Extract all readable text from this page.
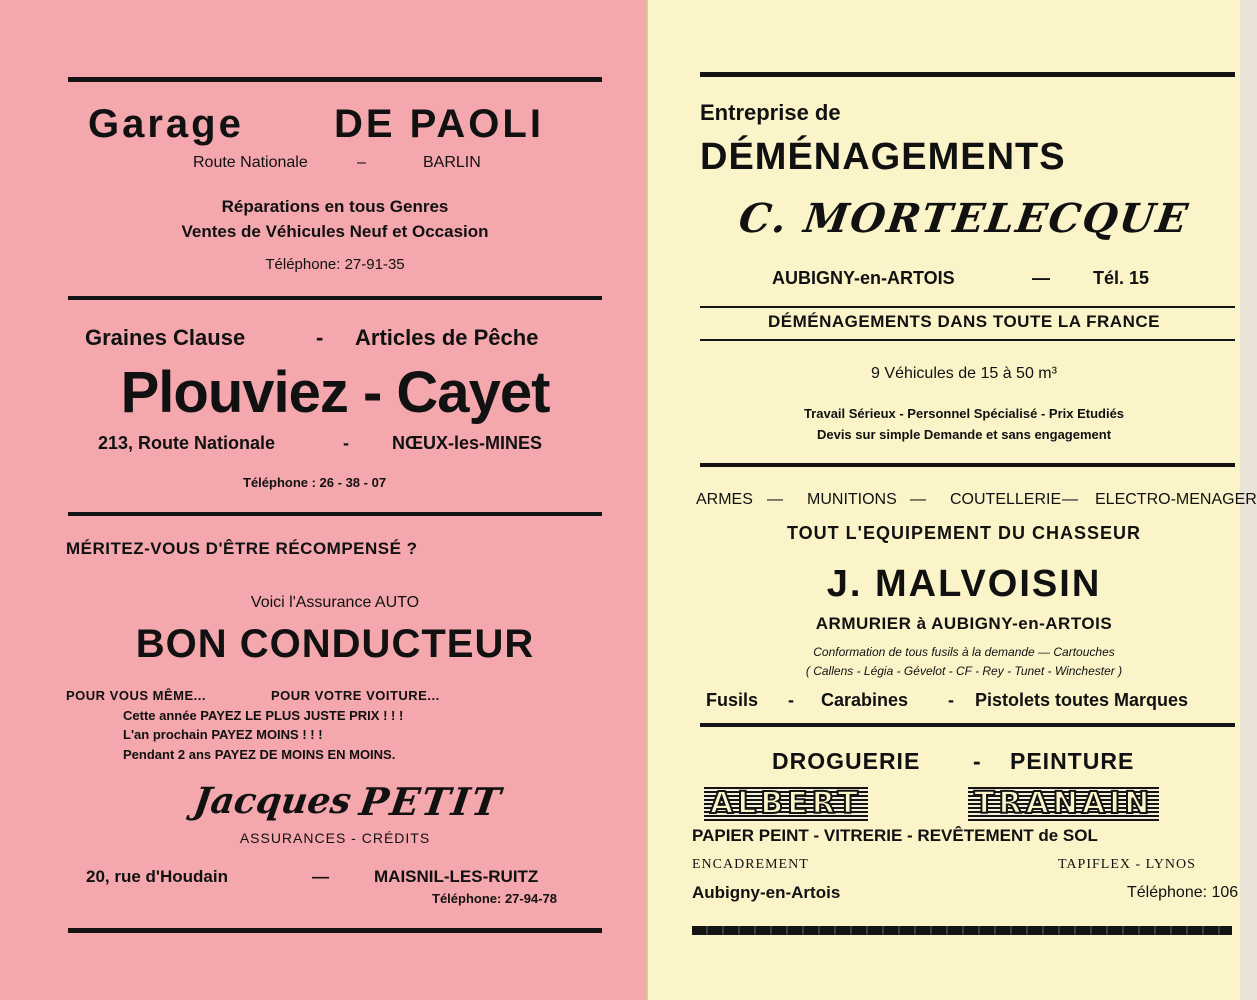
Garage DE PAOLI
Route Nationale	–	BARLIN
Réparations en tous Genres
Ventes de Véhicules Neuf et Occasion
Téléphone: 27-91-35
Graines Clause	- Articles de Pêche
Plouviez - Cayet
213, Route Nationale	- NŒUX-les-MINES
Téléphone : 26 - 38 - 07
MÉRITEZ-VOUS D'ÊTRE RÉCOMPENSÉ ?
Voici l'Assurance AUTO
BON CONDUCTEUR
POUR VOUS MÊME...	POUR VOTRE VOITURE...
Cette année PAYEZ LE PLUS JUSTE PRIX ! ! !
L'an prochain PAYEZ MOINS ! ! !
Pendant 2 ans PAYEZ DE MOINS EN MOINS.
Jacques PETIT
ASSURANCES - CRÉDITS
20, rue d'Houdain	—	MAISNIL-LES-RUITZ
Téléphone: 27-94-78
Entreprise de
DÉMÉNAGEMENTS
C. MORTELECQUE
AUBIGNY-en-ARTOIS	— Tél. 15
DÉMÉNAGEMENTS DANS TOUTE LA FRANCE
9 Véhicules de 15 à 50 m³
Travail Sérieux - Personnel Spécialisé - Prix Etudiés
Devis sur simple Demande et sans engagement
ARMES — MUNITIONS — COUTELLERIE — ELECTRO-MENAGER
TOUT L'EQUIPEMENT DU CHASSEUR
J. MALVOISIN
ARMURIER à AUBIGNY-en-ARTOIS
Conformation de tous fusils à la demande — Cartouches
( Callens - Légia - Gévelot - CF - Rey - Tunet - Winchester )
Fusils - Carabines - Pistolets toutes Marques
DROGUERIE - PEINTURE
ALBERT	TRANAIN
PAPIER PEINT - VITRERIE - REVÊTEMENT de SOL
ENCADREMENT	TAPIFLEX - LYNOS
Aubigny-en-Artois	Téléphone: 106
